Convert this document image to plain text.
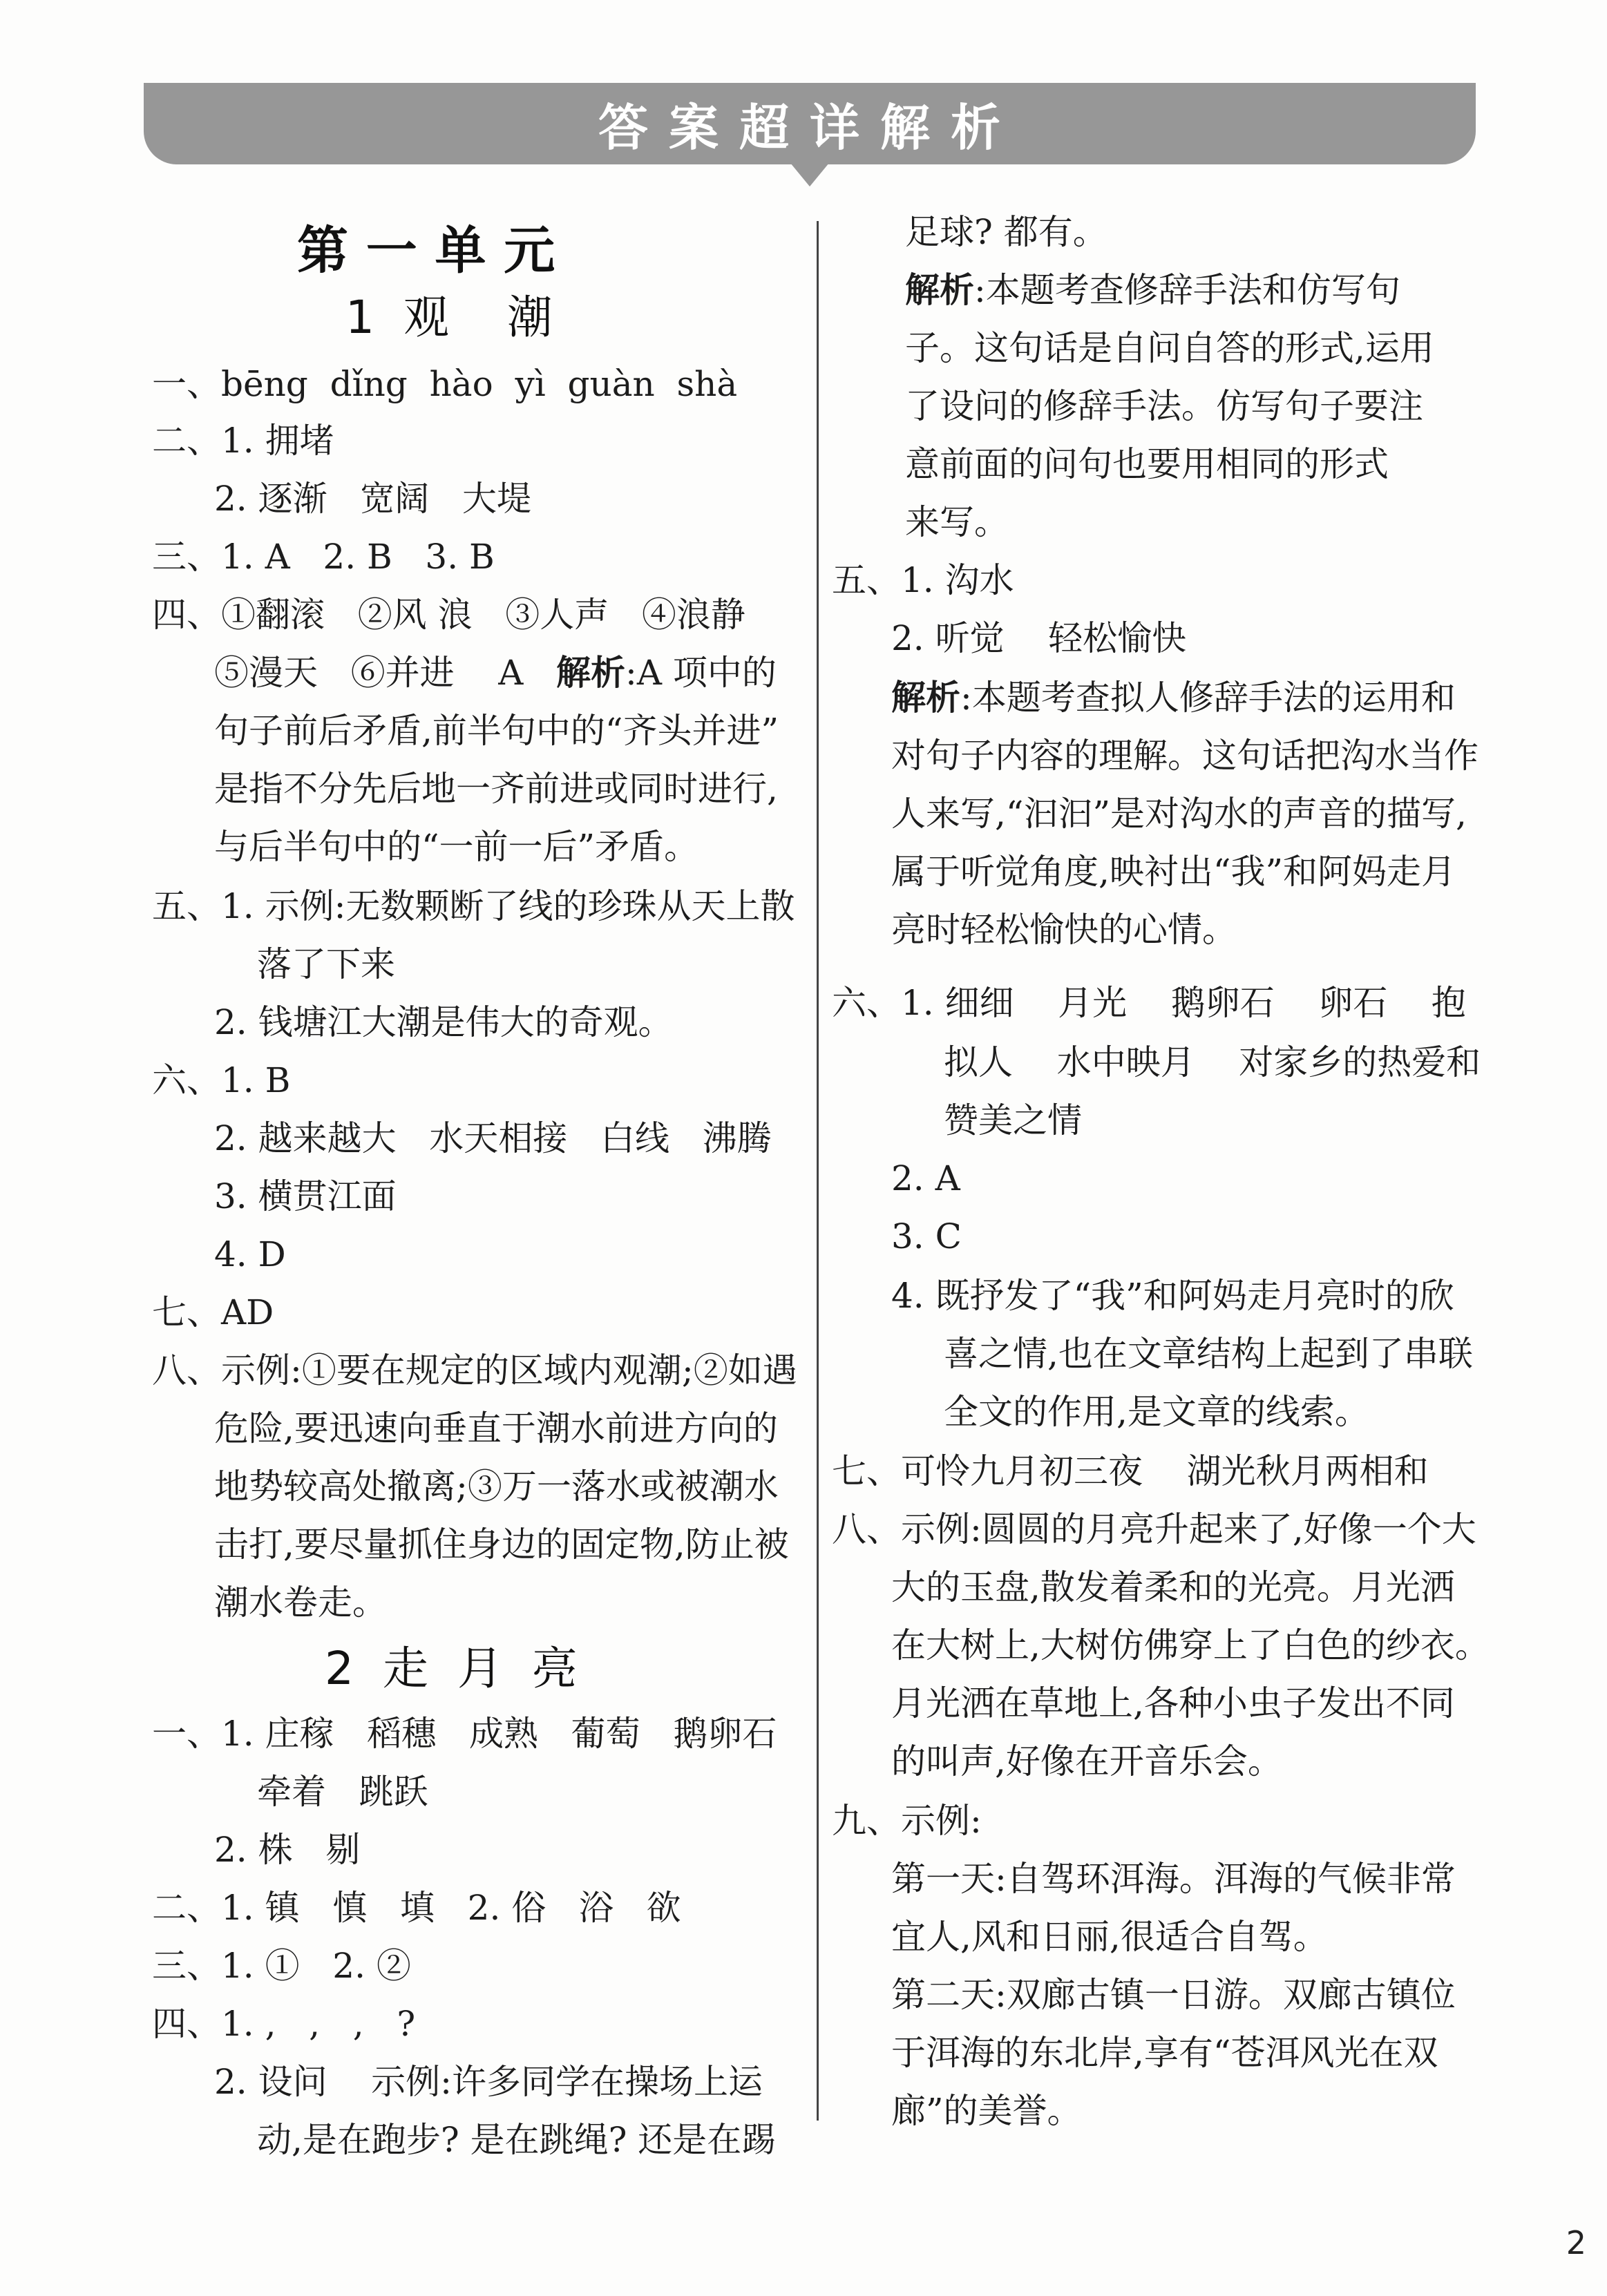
答案超详解析
第 一 单 元
1  观    潮
一、bēng  dǐng  hào  yì  guàn  shà
二、1. 拥堵
2. 逐渐   宽阔   大堤
三、1. A   2. B   3. B
四、①翻滚   ②风 浪   ③人声   ④浪静
⑤漫天   ⑥并进    A   解析:A 项中的
句子前后矛盾,前半句中的“齐头并进”
是指不分先后地一齐前进或同时进行,
与后半句中的“一前一后”矛盾。
五、1. 示例:无数颗断了线的珍珠从天上散
落了下来
2. 钱塘江大潮是伟大的奇观。
六、1. B
2. 越来越大   水天相接   白线   沸腾
3. 横贯江面
4. D
七、AD
八、示例:①要在规定的区域内观潮;②如遇
危险,要迅速向垂直于潮水前进方向的
地势较高处撤离;③万一落水或被潮水
击打,要尽量抓住身边的固定物,防止被
潮水卷走。
2  走  月  亮
一、1. 庄稼   稻穗   成熟   葡萄   鹅卵石
牵着   跳跃
2. 株   剔
二、1. 镇   慎   填   2. 俗   浴   欲
三、1. ①   2. ②
四、1. ,   ,   ,   ?
2. 设问    示例:许多同学在操场上运
动,是在跑步? 是在跳绳? 还是在踢
足球? 都有。
解析:本题考查修辞手法和仿写句
子。这句话是自问自答的形式,运用
了设问的修辞手法。仿写句子要注
意前面的问句也要用相同的形式
来写。
五、1. 沟水
2. 听觉    轻松愉快
解析:本题考查拟人修辞手法的运用和
对句子内容的理解。这句话把沟水当作
人来写,“汩汩”是对沟水的声音的描写,
属于听觉角度,映衬出“我”和阿妈走月
亮时轻松愉快的心情。
六、1. 细细    月光    鹅卵石    卵石    抱
拟人    水中映月    对家乡的热爱和
赞美之情
2. A
3. C
4. 既抒发了“我”和阿妈走月亮时的欣
喜之情,也在文章结构上起到了串联
全文的作用,是文章的线索。
七、可怜九月初三夜    湖光秋月两相和
八、示例:圆圆的月亮升起来了,好像一个大
大的玉盘,散发着柔和的光亮。月光洒
在大树上,大树仿佛穿上了白色的纱衣。
月光洒在草地上,各种小虫子发出不同
的叫声,好像在开音乐会。
九、示例:
第一天:自驾环洱海。洱海的气候非常
宜人,风和日丽,很适合自驾。
第二天:双廊古镇一日游。双廊古镇位
于洱海的东北岸,享有“苍洱风光在双
廊”的美誉。
2
